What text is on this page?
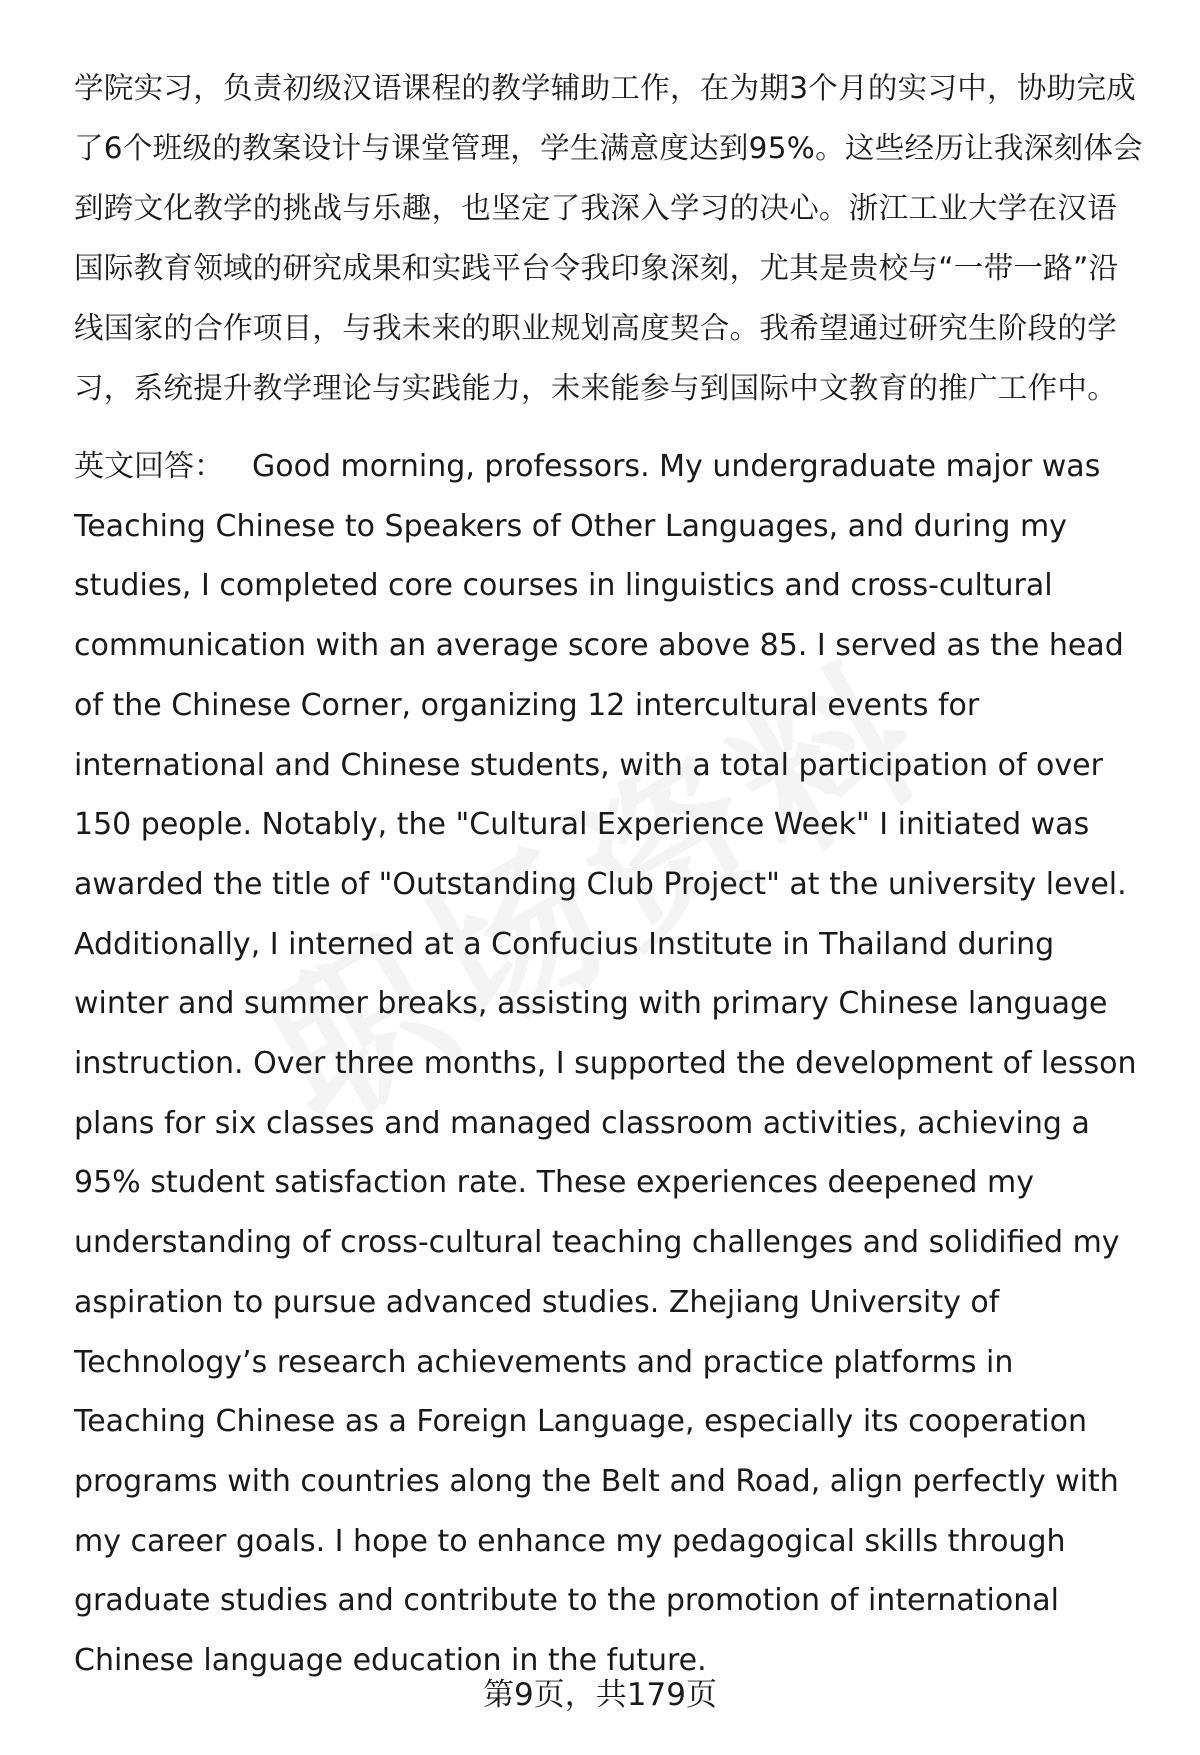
学院实习，负责初级汉语课程的教学辅助工作，在为期3个月的实习中，协助完成了6个班级的教案设计与课堂管理，学生满意度达到95%。这些经历让我深刻体会到跨文化教学的挑战与乐趣，也坚定了我深入学习的决心。浙江工业大学在汉语国际教育领域的研究成果和实践平台令我印象深刻，尤其是贵校与“一带一路”沿线国家的合作项目，与我未来的职业规划高度契合。我希望通过研究生阶段的学习，系统提升教学理论与实践能力，未来能参与到国际中文教育的推广工作中。

英文回答： Good morning, professors. My undergraduate major was Teaching Chinese to Speakers of Other Languages, and during my studies, I completed core courses in linguistics and cross-cultural communication with an average score above 85. I served as the head of the Chinese Corner, organizing 12 intercultural events for international and Chinese students, with a total participation of over 150 people. Notably, the "Cultural Experience Week" I initiated was awarded the title of "Outstanding Club Project" at the university level. Additionally, I interned at a Confucius Institute in Thailand during winter and summer breaks, assisting with primary Chinese language instruction. Over three months, I supported the development of lesson plans for six classes and managed classroom activities, achieving a 95% student satisfaction rate. These experiences deepened my understanding of cross-cultural teaching challenges and solidified my aspiration to pursue advanced studies. Zhejiang University of Technology’s research achievements and practice platforms in Teaching Chinese as a Foreign Language, especially its cooperation programs with countries along the Belt and Road, align perfectly with my career goals. I hope to enhance my pedagogical skills through graduate studies and contribute to the promotion of international Chinese language education in the future.

第9页，共179页
